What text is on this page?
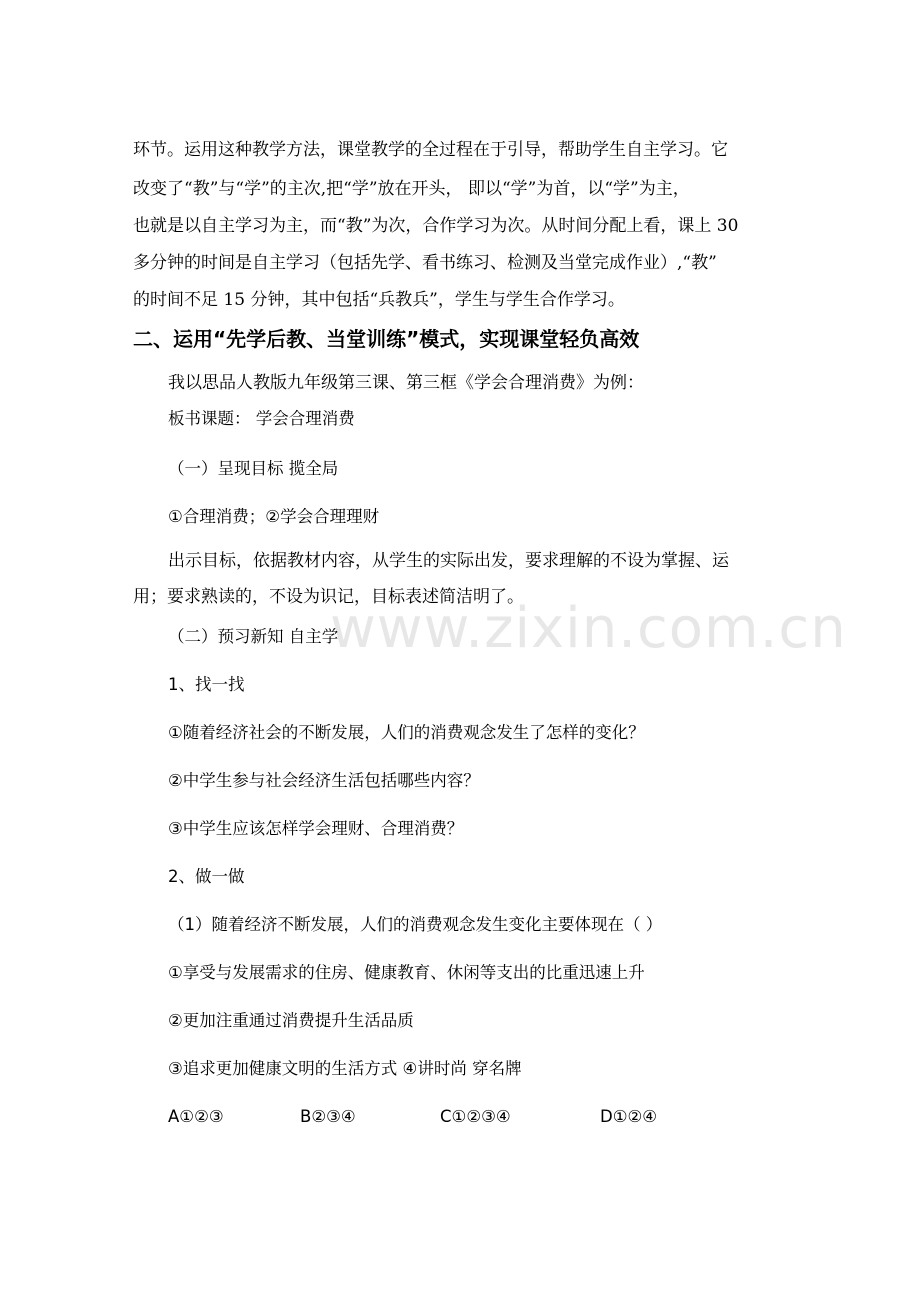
www.zixin.com.cn
环节。运用这种教学方法，课堂教学的全过程在于引导，帮助学生自主学习。它
改变了“教”与“学”的主次,把“学”放在开头， 即以“学”为首，以“学”为主，
也就是以自主学习为主，而“教”为次，合作学习为次。从时间分配上看，课上 30
多分钟的时间是自主学习（包括先学、看书练习、检测及当堂完成作业）,“教”
的时间不足 15 分钟，其中包括“兵教兵”，学生与学生合作学习。
二、运用“先学后教、当堂训练”模式，实现课堂轻负高效
我以思品人教版九年级第三课、第三框《学会合理消费》为例：
板书课题： 学会合理消费
（一）呈现目标 揽全局
①合理消费；②学会合理理财
出示目标，依据教材内容，从学生的实际出发，要求理解的不设为掌握、运
用；要求熟读的，不设为识记，目标表述简洁明了。
（二）预习新知 自主学
1、找一找
①随着经济社会的不断发展，人们的消费观念发生了怎样的变化？
②中学生参与社会经济生活包括哪些内容？
③中学生应该怎样学会理财、合理消费？
2、做一做
（1）随着经济不断发展，人们的消费观念发生变化主要体现在（ ）
①享受与发展需求的住房、健康教育、休闲等支出的比重迅速上升
②更加注重通过消费提升生活品质
③追求更加健康文明的生活方式 ④讲时尚 穿名牌
A①②③	B②③④	C①②③④	D①②④
